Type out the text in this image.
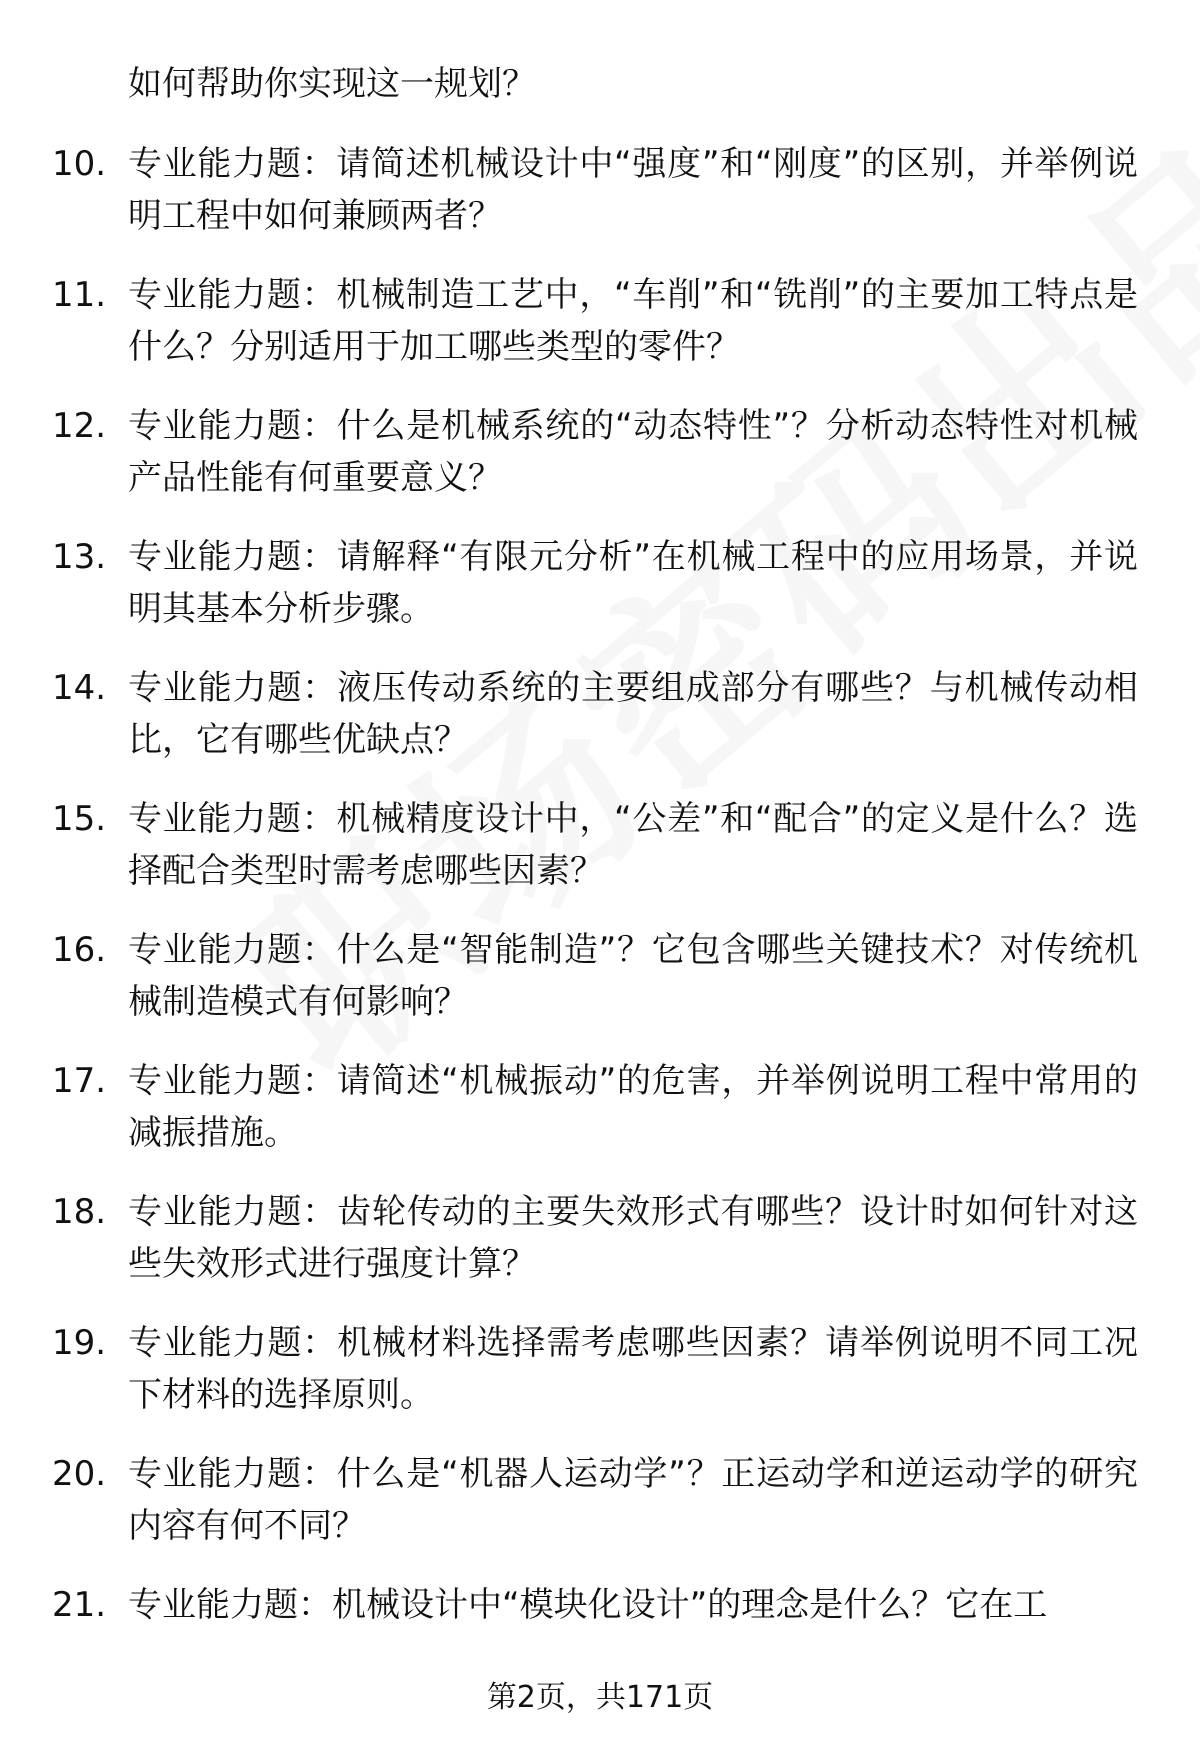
如何帮助你实现这一规划？

10. 专业能力题：请简述机械设计中“强度”和“刚度”的区别，并举例说明工程中如何兼顾两者？
11. 专业能力题：机械制造工艺中，“车削”和“铣削”的主要加工特点是什么？分别适用于加工哪些类型的零件？
12. 专业能力题：什么是机械系统的“动态特性”？分析动态特性对机械产品性能有何重要意义？
13. 专业能力题：请解释“有限元分析”在机械工程中的应用场景，并说明其基本分析步骤。
14. 专业能力题：液压传动系统的主要组成部分有哪些？与机械传动相比，它有哪些优缺点？
15. 专业能力题：机械精度设计中，“公差”和“配合”的定义是什么？选择配合类型时需考虑哪些因素？
16. 专业能力题：什么是“智能制造”？它包含哪些关键技术？对传统机械制造模式有何影响？
17. 专业能力题：请简述“机械振动”的危害，并举例说明工程中常用的减振措施。
18. 专业能力题：齿轮传动的主要失效形式有哪些？设计时如何针对这些失效形式进行强度计算？
19. 专业能力题：机械材料选择需考虑哪些因素？请举例说明不同工况下材料的选择原则。
20. 专业能力题：什么是“机器人运动学”？正运动学和逆运动学的研究内容有何不同？
21. 专业能力题：机械设计中“模块化设计”的理念是什么？它在工
第2页，共171页
